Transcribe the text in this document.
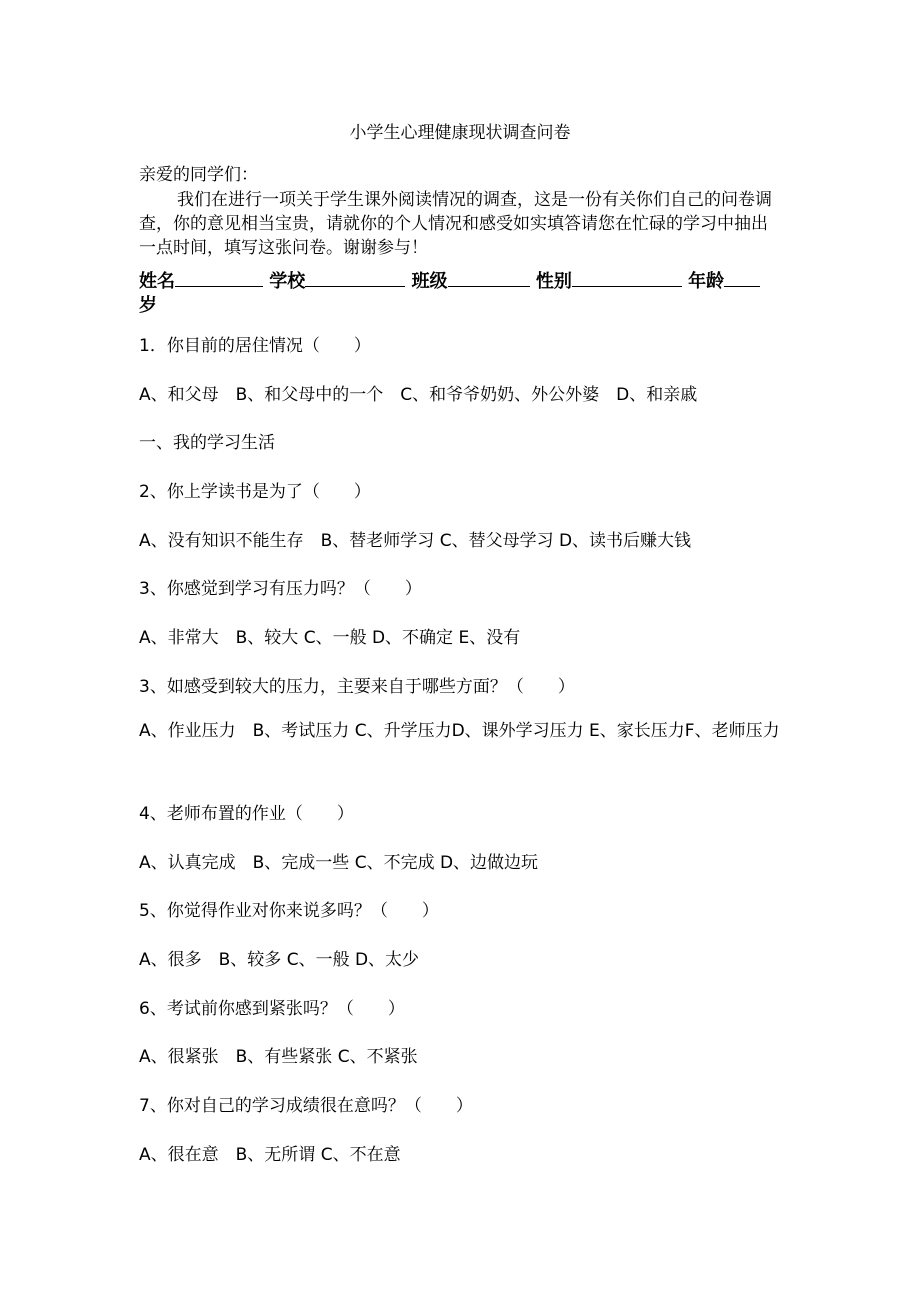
小学生心理健康现状调查问卷
亲爱的同学们：
我们在进行一项关于学生课外阅读情况的调查，这是一份有关你们自己的问卷调查，你的意见相当宝贵，请就你的个人情况和感受如实填答请您在忙碌的学习中抽出一点时间，填写这张问卷。谢谢参与！
姓名	学校	班级	性别	年龄
岁
1．你目前的居住情况（　　）
A、和父母　B、和父母中的一个　C、和爷爷奶奶、外公外婆　D、和亲戚
一、我的学习生活
2、你上学读书是为了（　　）
A、没有知识不能生存　B、替老师学习 C、替父母学习 D、读书后赚大钱
3、你感觉到学习有压力吗？（　　）
A、非常大　B、较大 C、一般 D、不确定 E、没有
3、如感受到较大的压力，主要来自于哪些方面？（　　）
A、作业压力　B、考试压力 C、升学压力D、课外学习压力 E、家长压力F、老师压力
4、老师布置的作业（　　）
A、认真完成　B、完成一些 C、不完成 D、边做边玩
5、你觉得作业对你来说多吗？（　　）
A、很多　B、较多 C、一般 D、太少
6、考试前你感到紧张吗？（　　）
A、很紧张　B、有些紧张 C、不紧张
7、你对自己的学习成绩很在意吗？（　　）
A、很在意　B、无所谓 C、不在意
